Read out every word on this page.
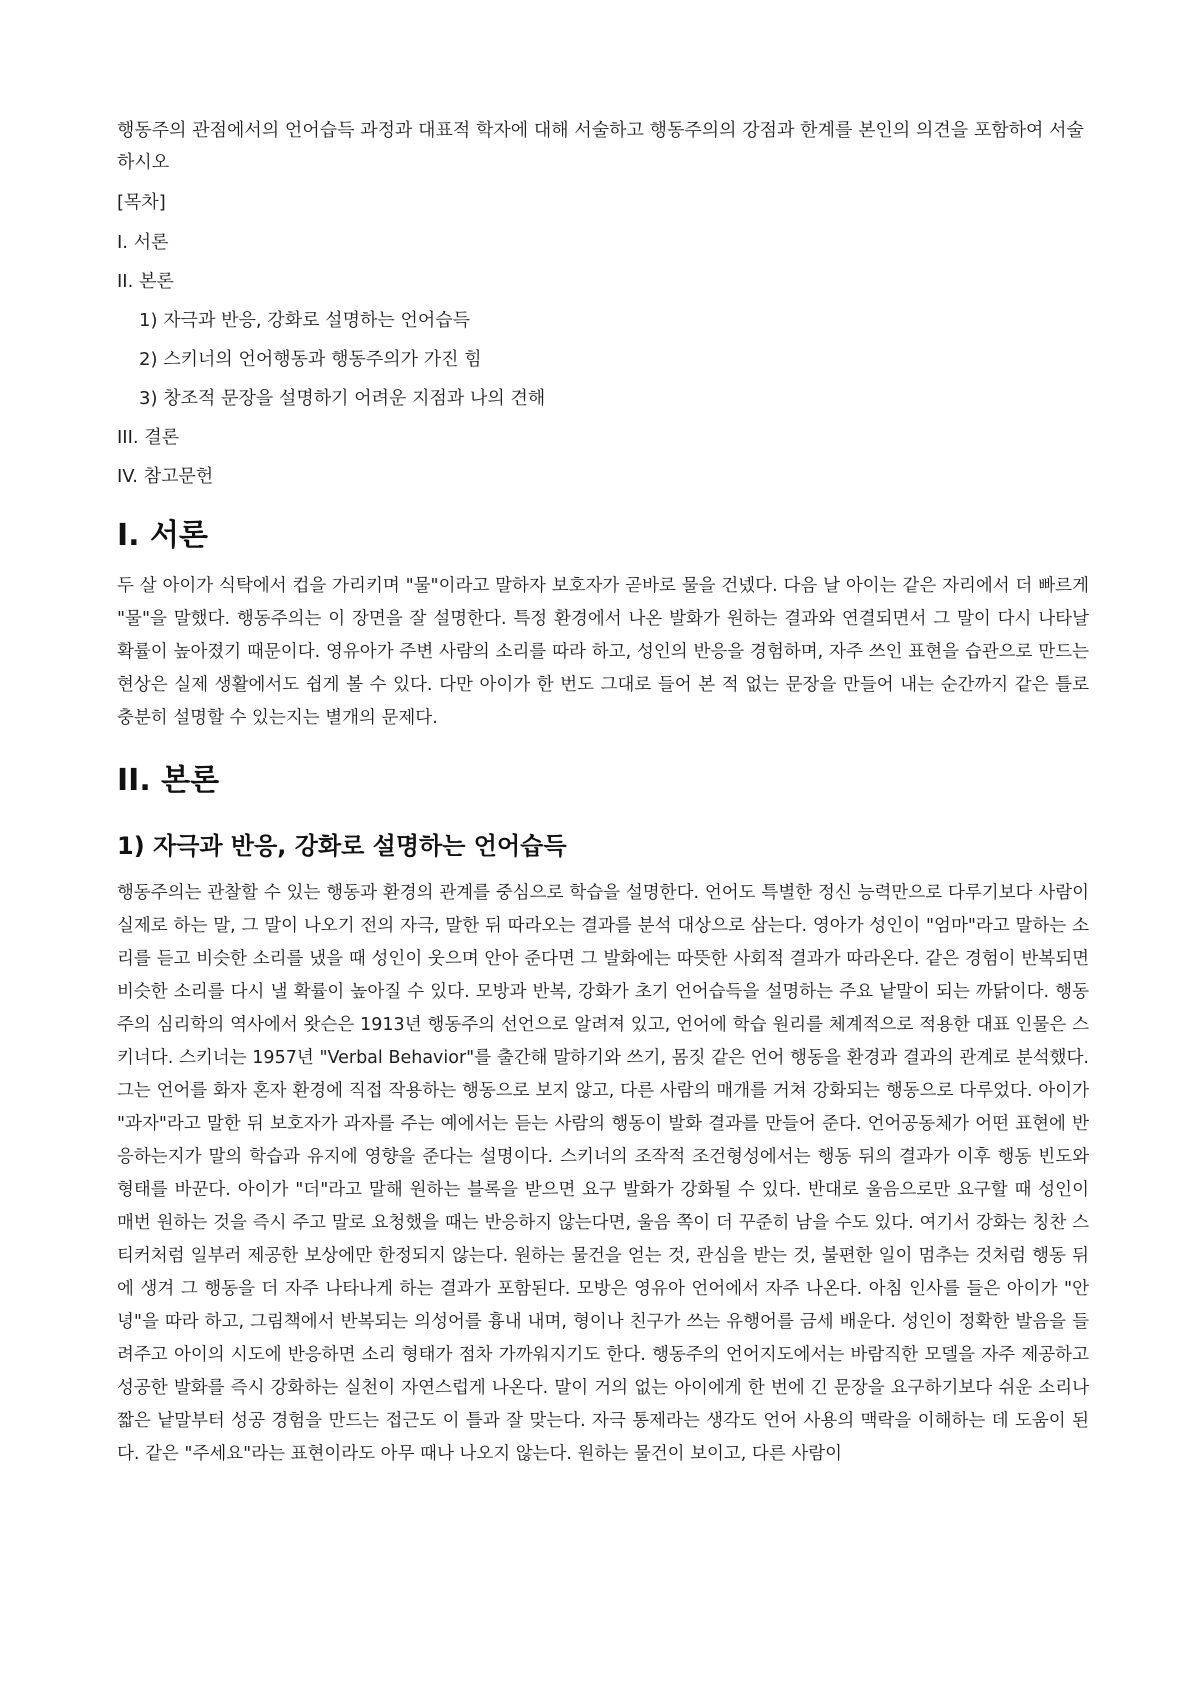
행동주의 관점에서의 언어습득 과정과 대표적 학자에 대해 서술하고 행동주의의 강점과 한계를 본인의 의견을 포함하여 서술하시오

[목차]

I. 서론

II. 본론

1) 자극과 반응, 강화로 설명하는 언어습득

2) 스키너의 언어행동과 행동주의가 가진 힘

3) 창조적 문장을 설명하기 어려운 지점과 나의 견해

III. 결론

IV. 참고문헌

I. 서론

두 살 아이가 식탁에서 컵을 가리키며 "물"이라고 말하자 보호자가 곧바로 물을 건넸다. 다음 날 아이는 같은 자리에서 더 빠르게 "물"을 말했다. 행동주의는 이 장면을 잘 설명한다. 특정 환경에서 나온 발화가 원하는 결과와 연결되면서 그 말이 다시 나타날 확률이 높아졌기 때문이다. 영유아가 주변 사람의 소리를 따라 하고, 성인의 반응을 경험하며, 자주 쓰인 표현을 습관으로 만드는 현상은 실제 생활에서도 쉽게 볼 수 있다. 다만 아이가 한 번도 그대로 들어 본 적 없는 문장을 만들어 내는 순간까지 같은 틀로 충분히 설명할 수 있는지는 별개의 문제다.

II. 본론
1) 자극과 반응, 강화로 설명하는 언어습득

행동주의는 관찰할 수 있는 행동과 환경의 관계를 중심으로 학습을 설명한다. 언어도 특별한 정신 능력만으로 다루기보다 사람이 실제로 하는 말, 그 말이 나오기 전의 자극, 말한 뒤 따라오는 결과를 분석 대상으로 삼는다. 영아가 성인이 "엄마"라고 말하는 소리를 듣고 비슷한 소리를 냈을 때 성인이 웃으며 안아 준다면 그 발화에는 따뜻한 사회적 결과가 따라온다. 같은 경험이 반복되면 비슷한 소리를 다시 낼 확률이 높아질 수 있다. 모방과 반복, 강화가 초기 언어습득을 설명하는 주요 낱말이 되는 까닭이다. 행동주의 심리학의 역사에서 왓슨은 1913년 행동주의 선언으로 알려져 있고, 언어에 학습 원리를 체계적으로 적용한 대표 인물은 스키너다. 스키너는 1957년 "Verbal Behavior"를 출간해 말하기와 쓰기, 몸짓 같은 언어 행동을 환경과 결과의 관계로 분석했다. 그는 언어를 화자 혼자 환경에 직접 작용하는 행동으로 보지 않고, 다른 사람의 매개를 거쳐 강화되는 행동으로 다루었다. 아이가 "과자"라고 말한 뒤 보호자가 과자를 주는 예에서는 듣는 사람의 행동이 발화 결과를 만들어 준다. 언어공동체가 어떤 표현에 반응하는지가 말의 학습과 유지에 영향을 준다는 설명이다. 스키너의 조작적 조건형성에서는 행동 뒤의 결과가 이후 행동 빈도와 형태를 바꾼다. 아이가 "더"라고 말해 원하는 블록을 받으면 요구 발화가 강화될 수 있다. 반대로 울음으로만 요구할 때 성인이 매번 원하는 것을 즉시 주고 말로 요청했을 때는 반응하지 않는다면, 울음 쪽이 더 꾸준히 남을 수도 있다. 여기서 강화는 칭찬 스티커처럼 일부러 제공한 보상에만 한정되지 않는다. 원하는 물건을 얻는 것, 관심을 받는 것, 불편한 일이 멈추는 것처럼 행동 뒤에 생겨 그 행동을 더 자주 나타나게 하는 결과가 포함된다. 모방은 영유아 언어에서 자주 나온다. 아침 인사를 들은 아이가 "안녕"을 따라 하고, 그림책에서 반복되는 의성어를 흉내 내며, 형이나 친구가 쓰는 유행어를 금세 배운다. 성인이 정확한 발음을 들려주고 아이의 시도에 반응하면 소리 형태가 점차 가까워지기도 한다. 행동주의 언어지도에서는 바람직한 모델을 자주 제공하고 성공한 발화를 즉시 강화하는 실천이 자연스럽게 나온다. 말이 거의 없는 아이에게 한 번에 긴 문장을 요구하기보다 쉬운 소리나 짧은 낱말부터 성공 경험을 만드는 접근도 이 틀과 잘 맞는다. 자극 통제라는 생각도 언어 사용의 맥락을 이해하는 데 도움이 된다. 같은 "주세요"라는 표현이라도 아무 때나 나오지 않는다. 원하는 물건이 보이고, 다른 사람이
